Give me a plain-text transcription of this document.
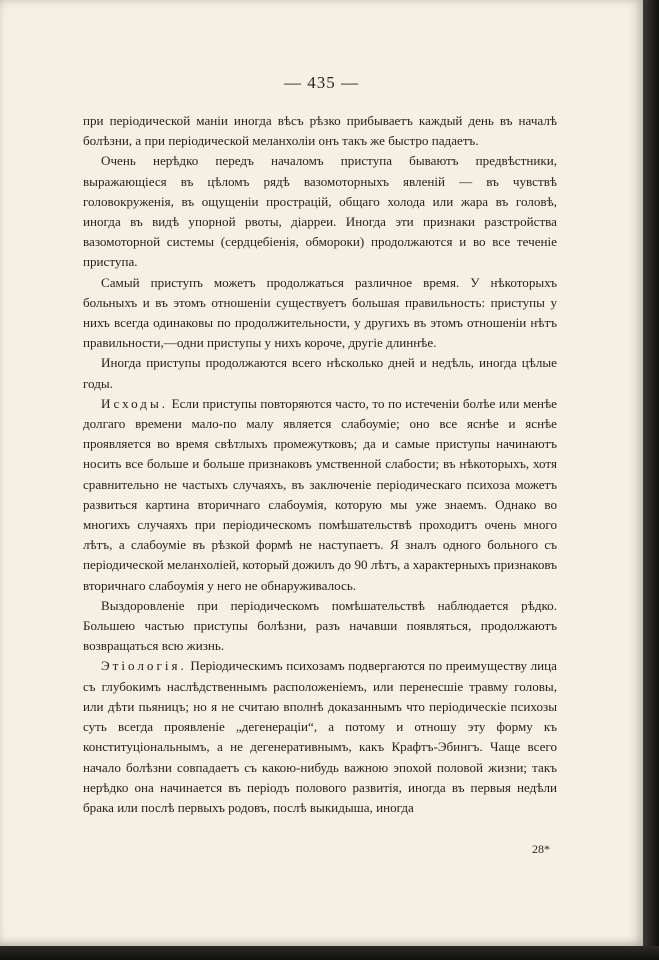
— 435 —

при періодической маніи иногда вѣсъ рѣзко прибываетъ каждый день въ началѣ болѣзни, а при періодической меланхоліи онъ такъ же быстро падаетъ.

Очень нерѣдко передъ началомъ приступа бываютъ предвѣстники, выражающіеся въ цѣломъ рядѣ вазомоторныхъ явленій — въ чувствѣ головокруженія, въ ощущеніи прострацій, общаго холода или жара въ головѣ, иногда въ видѣ упорной рвоты, діарреи. Иногда эти признаки разстройства вазомоторной системы (сердцебіенія, обмороки) продолжаются и во все теченіе приступа.

Самый приступъ можетъ продолжаться различное время. У нѣкоторыхъ больныхъ и въ этомъ отношеніи существуетъ большая правильность: приступы у нихъ всегда одинаковы по продолжительности, у другихъ въ этомъ отношеніи нѣтъ правильности,—одни приступы у нихъ короче, другіе длиннѣе.

Иногда приступы продолжаются всего нѣсколько дней и недѣль, иногда цѣлые годы.

Исходы. Если приступы повторяются часто, то по истеченіи болѣе или менѣе долгаго времени мало-по малу является слабоуміе; оно все яснѣе и яснѣе проявляется во время свѣтлыхъ промежутковъ; да и самые приступы начинаютъ носить все больше и больше признаковъ умственной слабости; въ нѣкоторыхъ, хотя сравнительно не частыхъ случаяхъ, въ заключеніе періодическаго психоза можетъ развиться картина вторичнаго слабоумія, которую мы уже знаемъ. Однако во многихъ случаяхъ при періодическомъ помѣшательствѣ проходитъ очень много лѣтъ, а слабоуміе въ рѣзкой формѣ не наступаетъ. Я зналъ одного больного съ періодической меланхоліей, который дожилъ до 90 лѣтъ, а характерныхъ признаковъ вторичнаго слабоумія у него не обнаруживалось.

Выздоровленіе при періодическомъ помѣшательствѣ наблюдается рѣдко. Большею частью приступы болѣзни, разъ начавши появляться, продолжаютъ возвращаться всю жизнь.

Этіологія. Періодическимъ психозамъ подвергаются по преимуществу лица съ глубокимъ наслѣдственнымъ расположеніемъ, или перенесшіе травму головы, или дѣти пьяницъ; но я не считаю вполнѣ доказаннымъ что періодическіе психозы суть всегда проявленіе „дегенераціи“, а потому и отношу эту форму къ конституціональнымъ, а не дегенеративнымъ, какъ Крафтъ-Эбингъ. Чаще всего начало болѣзни совпадаетъ съ какою-нибудь важною эпохой половой жизни; такъ нерѣдко она начинается въ періодъ полового развитія, иногда въ первыя недѣли брака или послѣ первыхъ родовъ, послѣ выкидыша, иногда

28*
